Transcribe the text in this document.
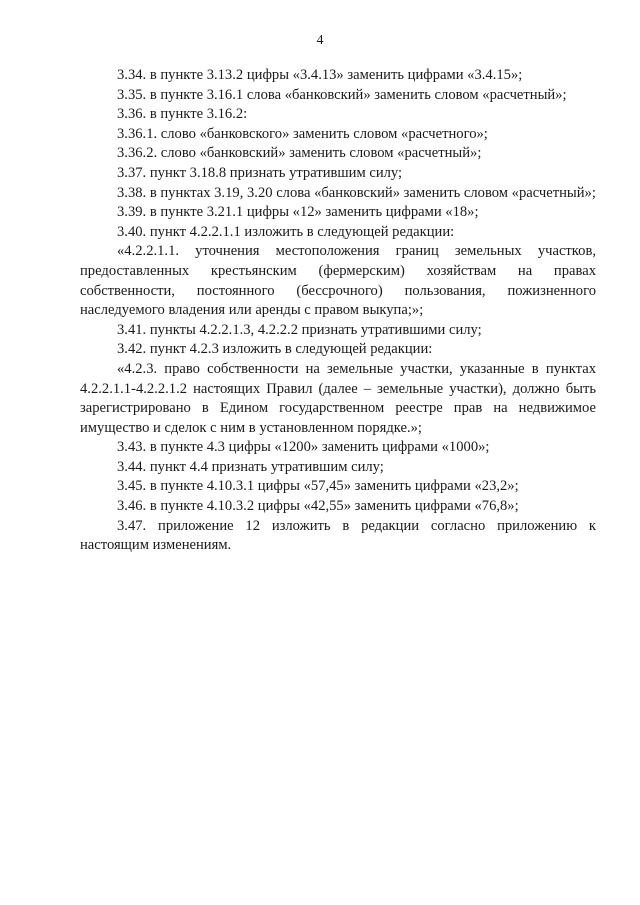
4

3.34. в пункте 3.13.2 цифры «3.4.13» заменить цифрами «3.4.15»;

3.35. в пункте 3.16.1 слова «банковский» заменить словом «расчетный»;

3.36. в пункте 3.16.2:

3.36.1. слово «банковского» заменить словом «расчетного»;

3.36.2. слово «банковский» заменить словом «расчетный»;

3.37. пункт 3.18.8 признать утратившим силу;

3.38. в пунктах 3.19, 3.20 слова «банковский» заменить словом «расчетный»;

3.39. в пункте 3.21.1 цифры «12» заменить цифрами «18»;

3.40. пункт 4.2.2.1.1 изложить в следующей редакции:

«4.2.2.1.1. уточнения местоположения границ земельных участков, предоставленных крестьянским (фермерским) хозяйствам на правах собственности, постоянного (бессрочного) пользования, пожизненного наследуемого владения или аренды с правом выкупа;»;

3.41. пункты 4.2.2.1.3, 4.2.2.2 признать утратившими силу;

3.42. пункт 4.2.3 изложить в следующей редакции:

«4.2.3. право собственности на земельные участки, указанные в пунктах 4.2.2.1.1-4.2.2.1.2 настоящих Правил (далее – земельные участки), должно быть зарегистрировано в Едином государственном реестре прав на недвижимое имущество и сделок с ним в установленном порядке.»;

3.43. в пункте 4.3 цифры «1200» заменить цифрами «1000»;

3.44. пункт 4.4 признать утратившим силу;

3.45. в пункте 4.10.3.1 цифры «57,45» заменить цифрами «23,2»;

3.46. в пункте 4.10.3.2 цифры «42,55» заменить цифрами «76,8»;

3.47. приложение 12 изложить в редакции согласно приложению к настоящим изменениям.
